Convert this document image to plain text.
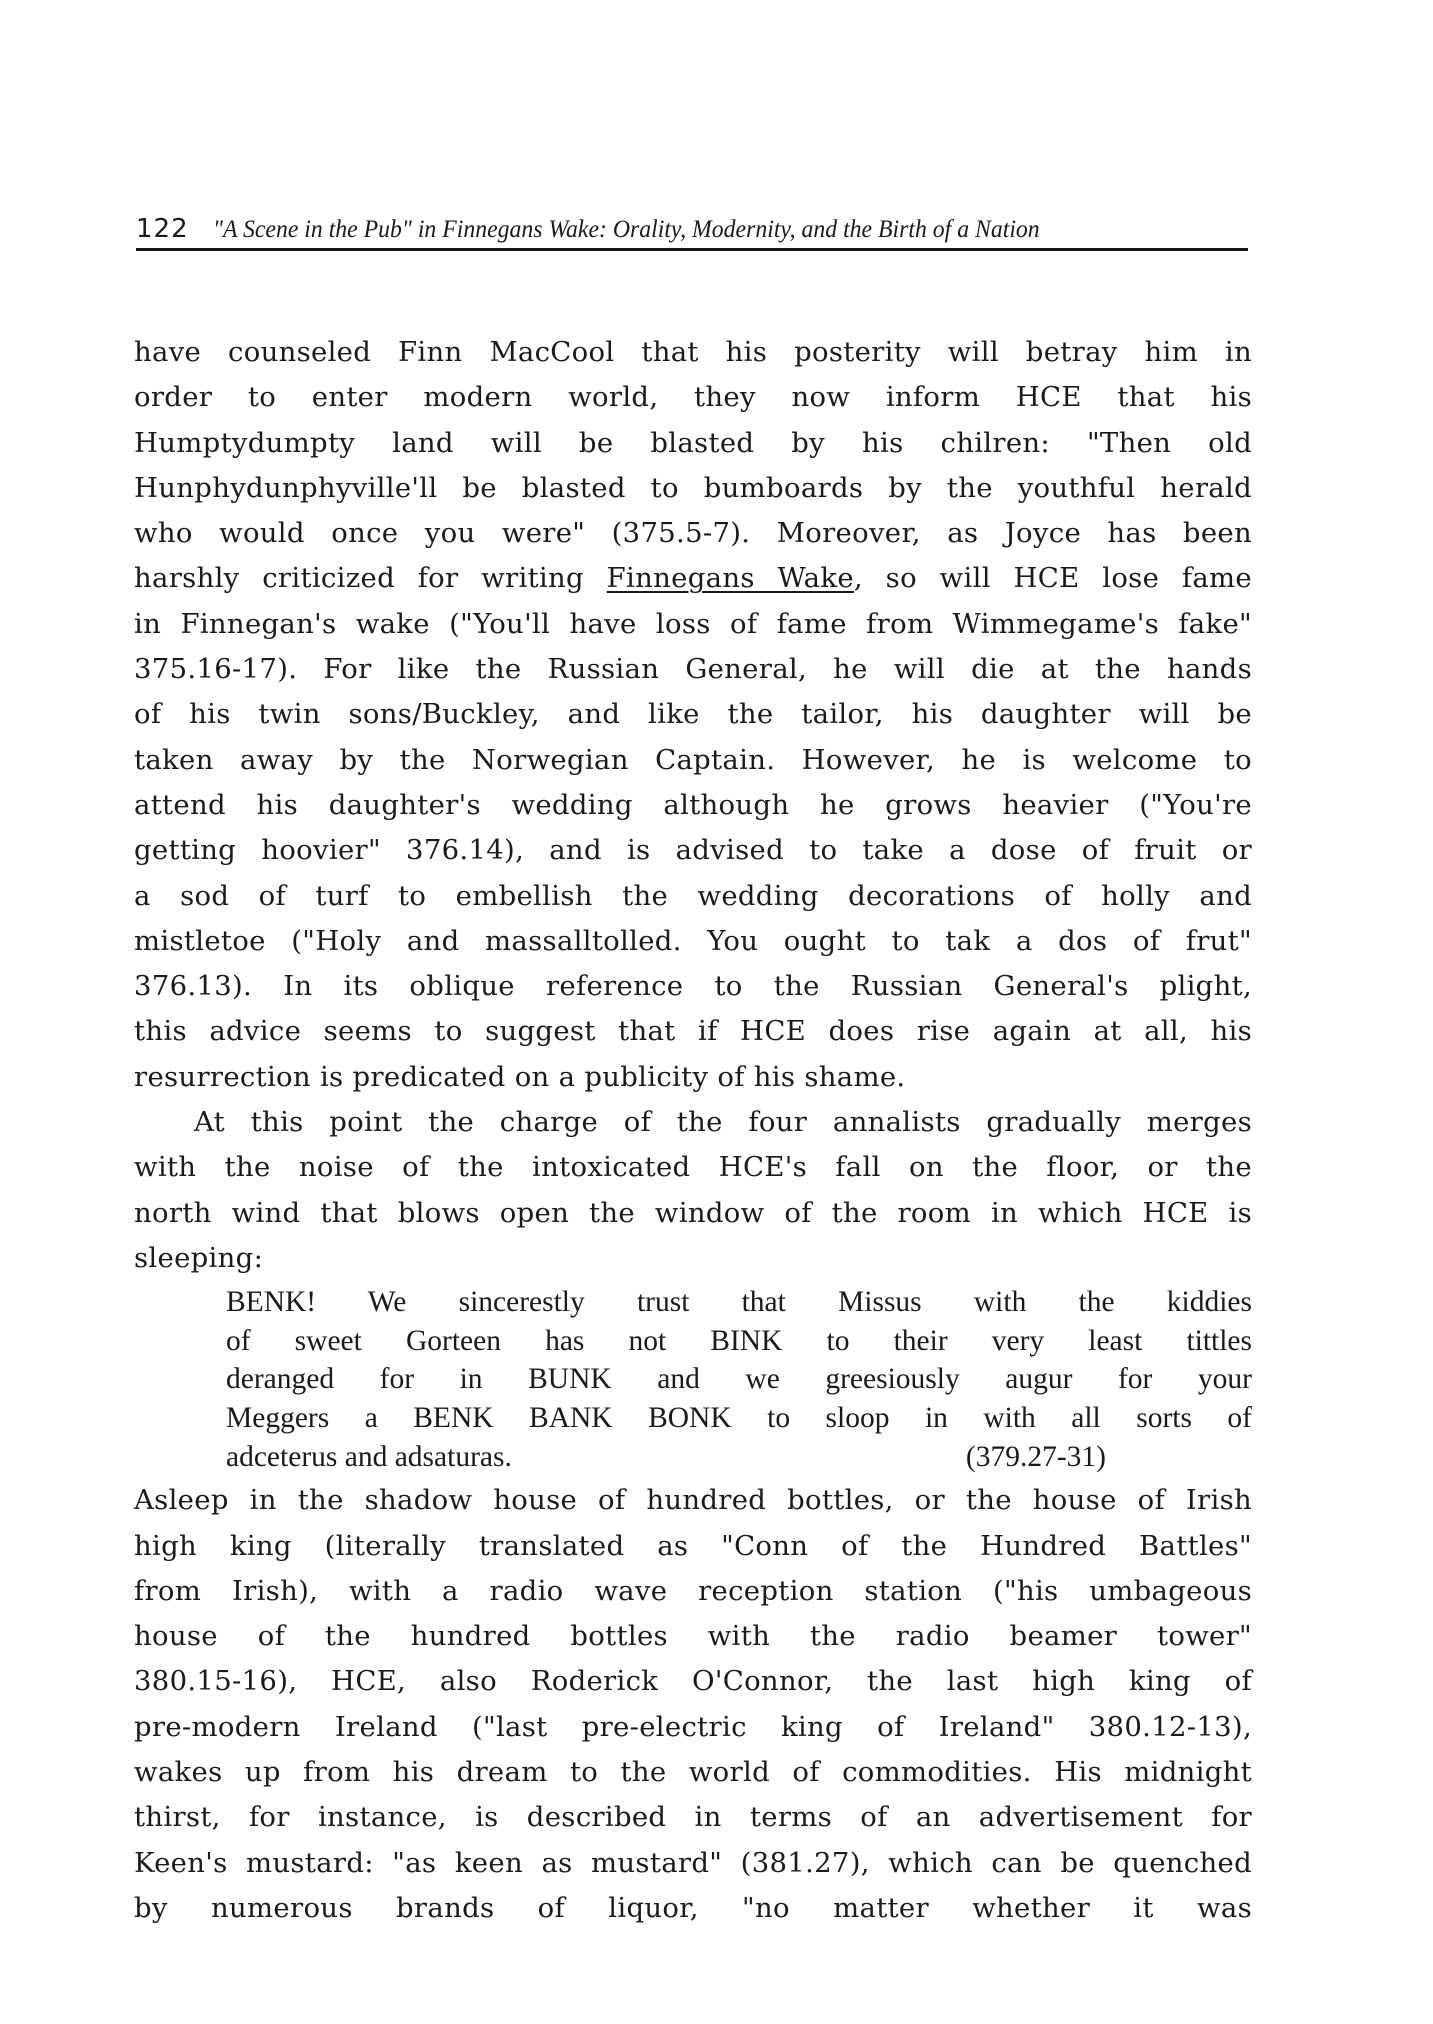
122 "A Scene in the Pub" in Finnegans Wake: Orality, Modernity, and the Birth of a Nation
have counseled Finn MacCool that his posterity will betray him in
order to enter modern world, they now inform HCE that his
Humptydumpty land will be blasted by his chilren: "Then old
Hunphydunphyville'll be blasted to bumboards by the youthful herald
who would once you were" (375.5-7). Moreover, as Joyce has been
harshly criticized for writing Finnegans Wake, so will HCE lose fame
in Finnegan's wake ("You'll have loss of fame from Wimmegame's fake"
375.16-17). For like the Russian General, he will die at the hands
of his twin sons/Buckley, and like the tailor, his daughter will be
taken away by the Norwegian Captain. However, he is welcome to
attend his daughter's wedding although he grows heavier ("You're
getting hoovier" 376.14), and is advised to take a dose of fruit or
a sod of turf to embellish the wedding decorations of holly and
mistletoe ("Holy and massalltolled. You ought to tak a dos of frut"
376.13). In its oblique reference to the Russian General's plight,
this advice seems to suggest that if HCE does rise again at all, his
resurrection is predicated on a publicity of his shame.
At this point the charge of the four annalists gradually merges
with the noise of the intoxicated HCE's fall on the floor, or the
north wind that blows open the window of the room in which HCE is
sleeping:
BENK! We sincerestly trust that Missus with the kiddies
of sweet Gorteen has not BINK to their very least tittles
deranged for in BUNK and we greesiously augur for your
Meggers a BENK BANK BONK to sloop in with all sorts of
adceterus and adsaturas.	(379.27-31)
Asleep in the shadow house of hundred bottles, or the house of Irish
high king (literally translated as "Conn of the Hundred Battles"
from Irish), with a radio wave reception station ("his umbageous
house of the hundred bottles with the radio beamer tower"
380.15-16), HCE, also Roderick O'Connor, the last high king of
pre-modern Ireland ("last pre-electric king of Ireland" 380.12-13),
wakes up from his dream to the world of commodities. His midnight
thirst, for instance, is described in terms of an advertisement for
Keen's mustard: "as keen as mustard" (381.27), which can be quenched
by numerous brands of liquor, "no matter whether it was
